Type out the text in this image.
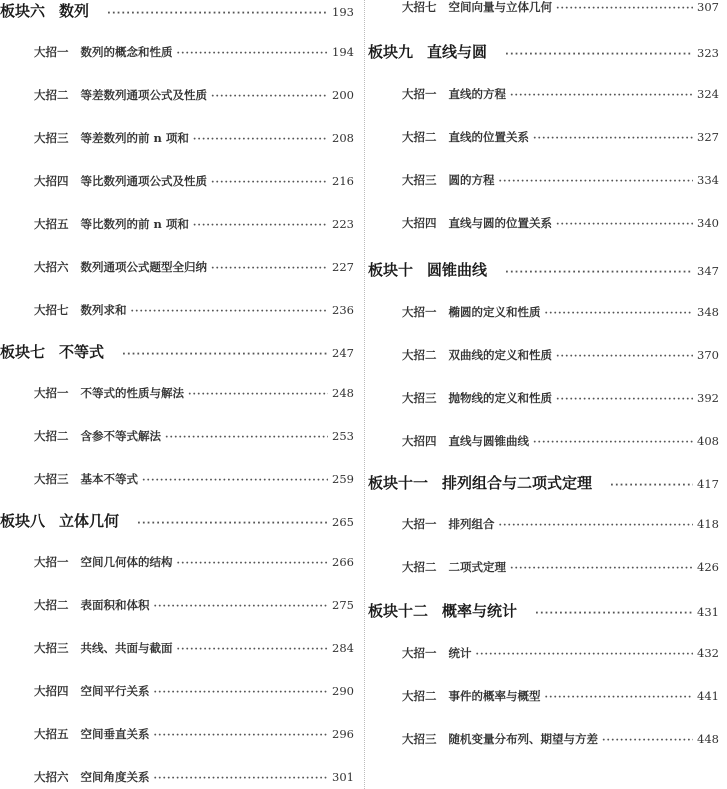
板块六 数列 ·····	193
大招一 数列的概念和性质 ·····	194
大招二 等差数列通项公式及性质 ·····	200
大招三 等差数列的前 n 项和 ·····	208
大招四 等比数列通项公式及性质 ·····	216
大招五 等比数列的前 n 项和 ·····	223
大招六 数列通项公式题型全归纳 ·····	227
大招七 数列求和 ·····	236
板块七 不等式 ·····	247
大招一 不等式的性质与解法 ·····	248
大招二 含参不等式解法 ·····	253
大招三 基本不等式 ·····	259
板块八 立体几何 ·····	265
大招一 空间几何体的结构 ·····	266
大招二 表面积和体积 ·····	275
大招三 共线、共面与截面 ·····	284
大招四 空间平行关系 ·····	290
大招五 空间垂直关系 ·····	296
大招六 空间角度关系 ·····	301
大招七 空间向量与立体几何 ·····	307
板块九 直线与圆 ·····	323
大招一 直线的方程 ·····	324
大招二 直线的位置关系 ·····	327
大招三 圆的方程 ·····	334
大招四 直线与圆的位置关系 ·····	340
板块十 圆锥曲线 ·····	347
大招一 椭圆的定义和性质 ·····	348
大招二 双曲线的定义和性质 ·····	370
大招三 抛物线的定义和性质 ·····	392
大招四 直线与圆锥曲线 ·····	408
板块十一 排列组合与二项式定理 ·····	417
大招一 排列组合 ·····	418
大招二 二项式定理 ·····	426
板块十二 概率与统计 ·····	431
大招一 统计 ·····	432
大招二 事件的概率与概型 ·····	441
大招三 随机变量分布列、期望与方差 ·····	448
